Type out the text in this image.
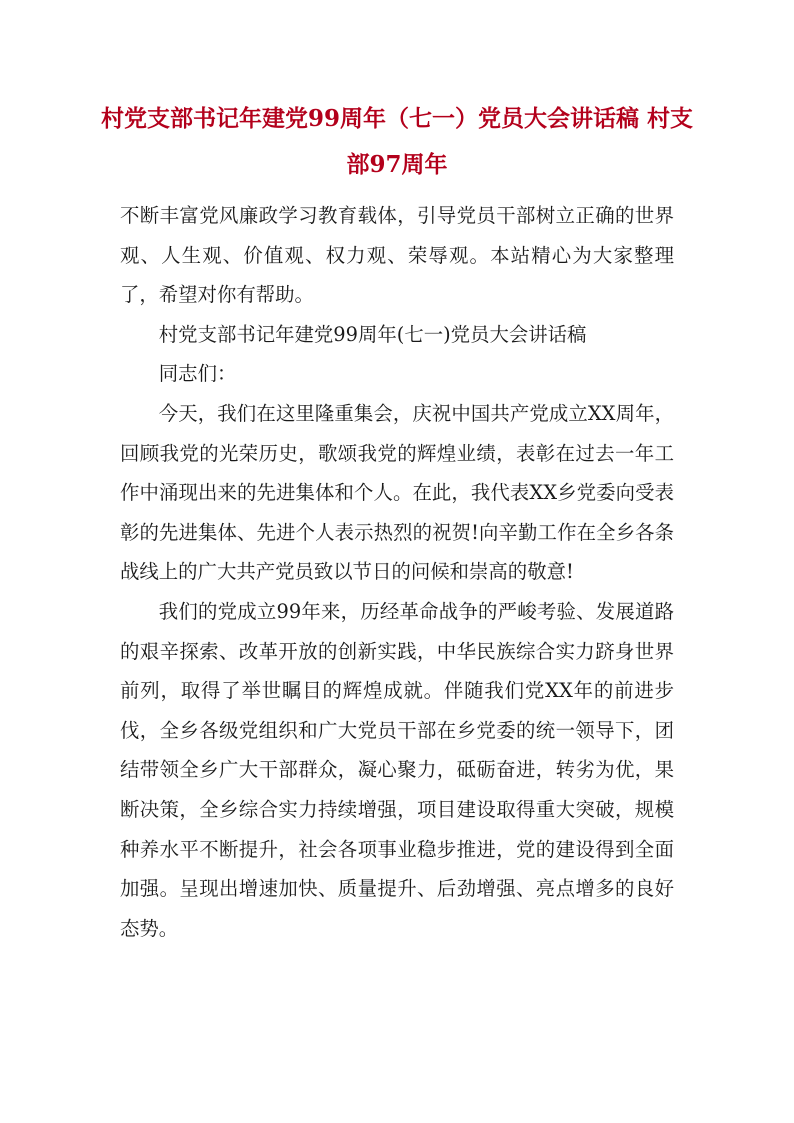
村党支部书记年建党99周年（七一）党员大会讲话稿 村支部97周年

不断丰富党风廉政学习教育载体，引导党员干部树立正确的世界观、人生观、价值观、权力观、荣辱观。本站精心为大家整理了，希望对你有帮助。

村党支部书记年建党99周年(七一)党员大会讲话稿

同志们：

今天，我们在这里隆重集会，庆祝中国共产党成立XX周年，回顾我党的光荣历史，歌颂我党的辉煌业绩，表彰在过去一年工作中涌现出来的先进集体和个人。在此，我代表XX乡党委向受表彰的先进集体、先进个人表示热烈的祝贺!向辛勤工作在全乡各条战线上的广大共产党员致以节日的问候和崇高的敬意!

我们的党成立99年来，历经革命战争的严峻考验、发展道路的艰辛探索、改革开放的创新实践，中华民族综合实力跻身世界前列，取得了举世瞩目的辉煌成就。伴随我们党XX年的前进步伐，全乡各级党组织和广大党员干部在乡党委的统一领导下，团结带领全乡广大干部群众，凝心聚力，砥砺奋进，转劣为优，果断决策，全乡综合实力持续增强，项目建设取得重大突破，规模种养水平不断提升，社会各项事业稳步推进，党的建设得到全面加强。呈现出增速加快、质量提升、后劲增强、亮点增多的良好态势。
